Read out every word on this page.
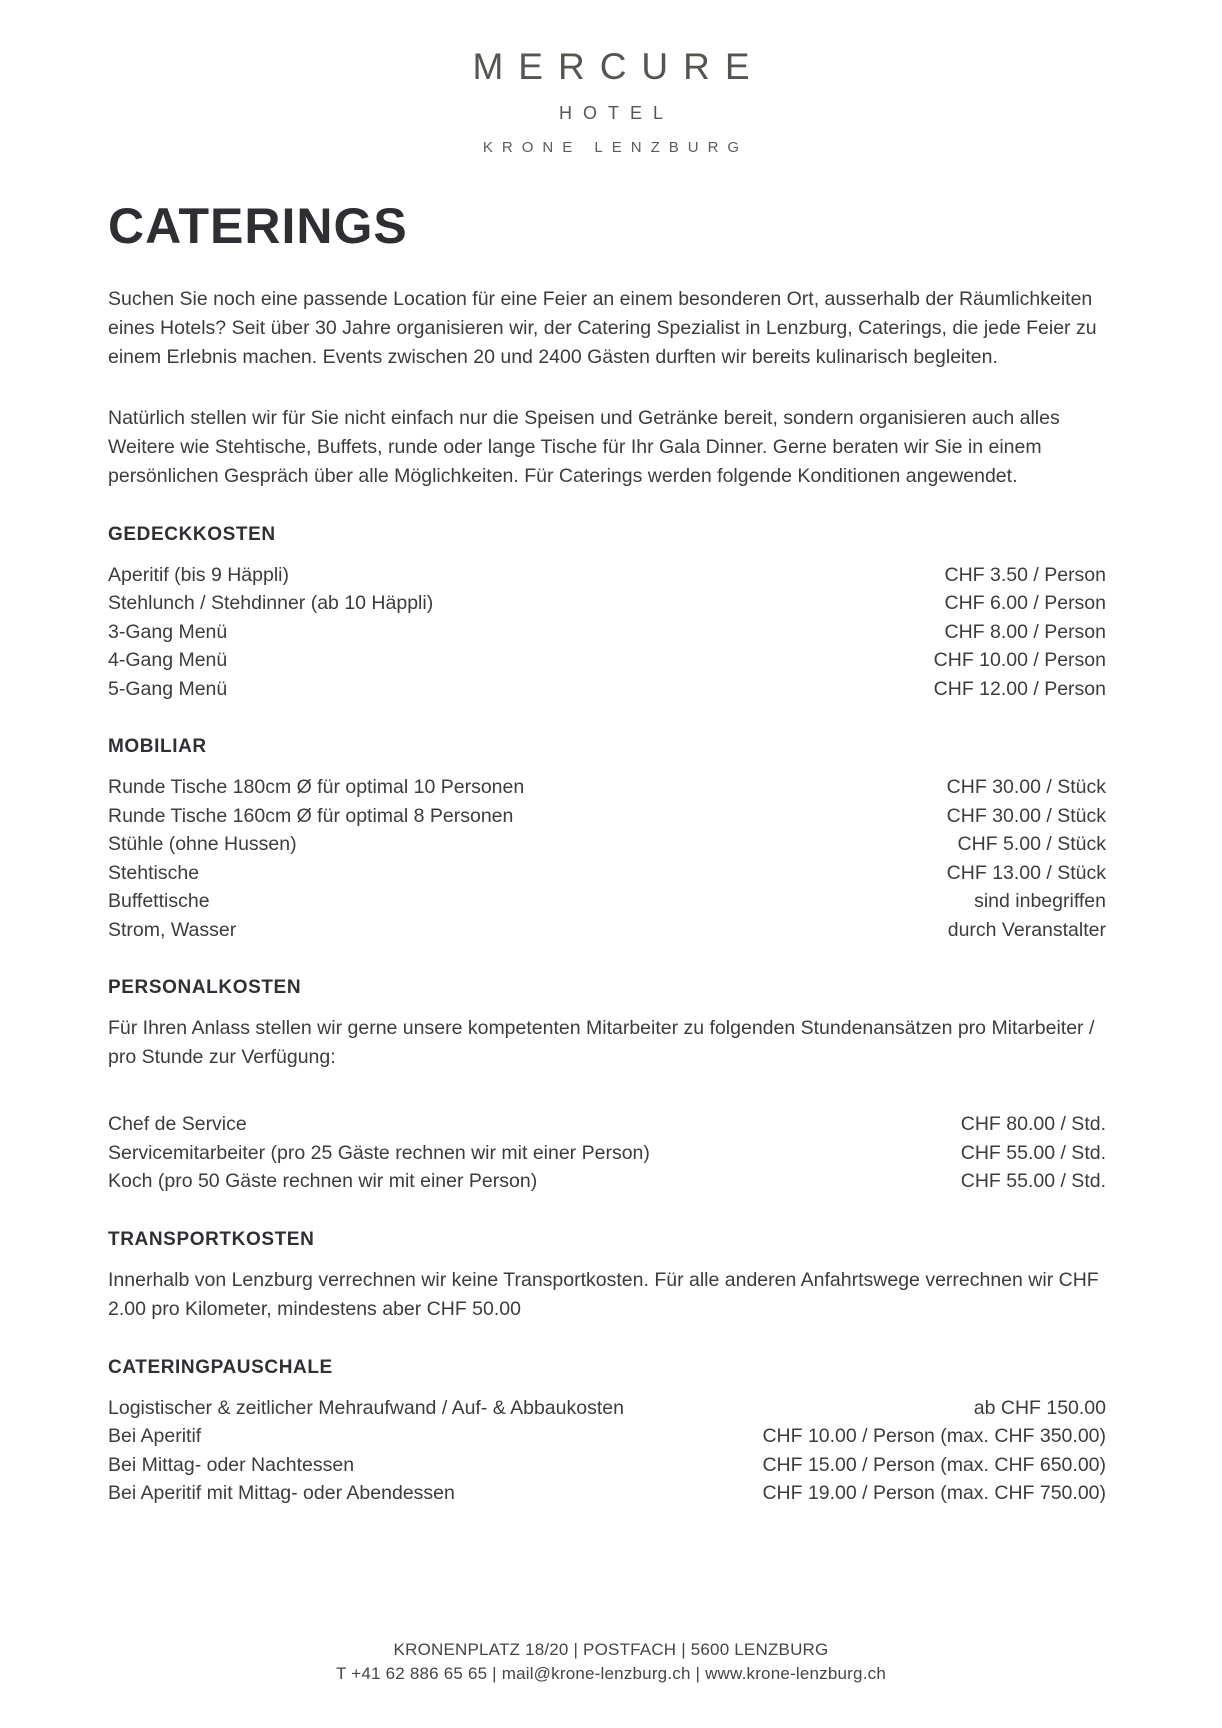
MERCURE
HOTEL
KRONE LENZBURG
CATERINGS

Suchen Sie noch eine passende Location für eine Feier an einem besonderen Ort, ausserhalb der Räumlichkeiten eines Hotels? Seit über 30 Jahre organisieren wir, der Catering Spezialist in Lenzburg, Caterings, die jede Feier zu einem Erlebnis machen. Events zwischen 20 und 2400 Gästen durften wir bereits kulinarisch begleiten.

Natürlich stellen wir für Sie nicht einfach nur die Speisen und Getränke bereit, sondern organisieren auch alles Weitere wie Stehtische, Buffets, runde oder lange Tische für Ihr Gala Dinner. Gerne beraten wir Sie in einem persönlichen Gespräch über alle Möglichkeiten. Für Caterings werden folgende Konditionen angewendet.

GEDECKKOSTEN
Aperitif (bis 9 Häppli)	CHF 3.50 / Person
Stehlunch / Stehdinner (ab 10 Häppli)	CHF 6.00 / Person
3-Gang Menü	CHF 8.00 / Person
4-Gang Menü	CHF 10.00 / Person
5-Gang Menü	CHF 12.00 / Person
MOBILIAR
Runde Tische 180cm Ø für optimal 10 Personen	CHF 30.00 / Stück
Runde Tische 160cm Ø für optimal 8 Personen	CHF 30.00 / Stück
Stühle (ohne Hussen)	CHF 5.00 / Stück
Stehtische	CHF 13.00 / Stück
Buffettische	sind inbegriffen
Strom, Wasser	durch Veranstalter
PERSONALKOSTEN

Für Ihren Anlass stellen wir gerne unsere kompetenten Mitarbeiter zu folgenden Stundenansätzen pro Mitarbeiter / pro Stunde zur Verfügung:

Chef de Service	CHF 80.00 / Std.
Servicemitarbeiter (pro 25 Gäste rechnen wir mit einer Person)	CHF 55.00 / Std.
Koch (pro 50 Gäste rechnen wir mit einer Person)	CHF 55.00 / Std.
TRANSPORTKOSTEN

Innerhalb von Lenzburg verrechnen wir keine Transportkosten. Für alle anderen Anfahrtswege verrechnen wir CHF 2.00 pro Kilometer, mindestens aber CHF 50.00

CATERINGPAUSCHALE
Logistischer & zeitlicher Mehraufwand / Auf- & Abbaukosten	ab CHF 150.00
Bei Aperitif	CHF 10.00 / Person (max. CHF 350.00)
Bei Mittag- oder Nachtessen	CHF 15.00 / Person (max. CHF 650.00)
Bei Aperitif mit Mittag- oder Abendessen	CHF 19.00 / Person (max. CHF 750.00)
KRONENPLATZ 18/20 | POSTFACH | 5600 LENZBURG
T +41 62 886 65 65 | mail@krone-lenzburg.ch | www.krone-lenzburg.ch
